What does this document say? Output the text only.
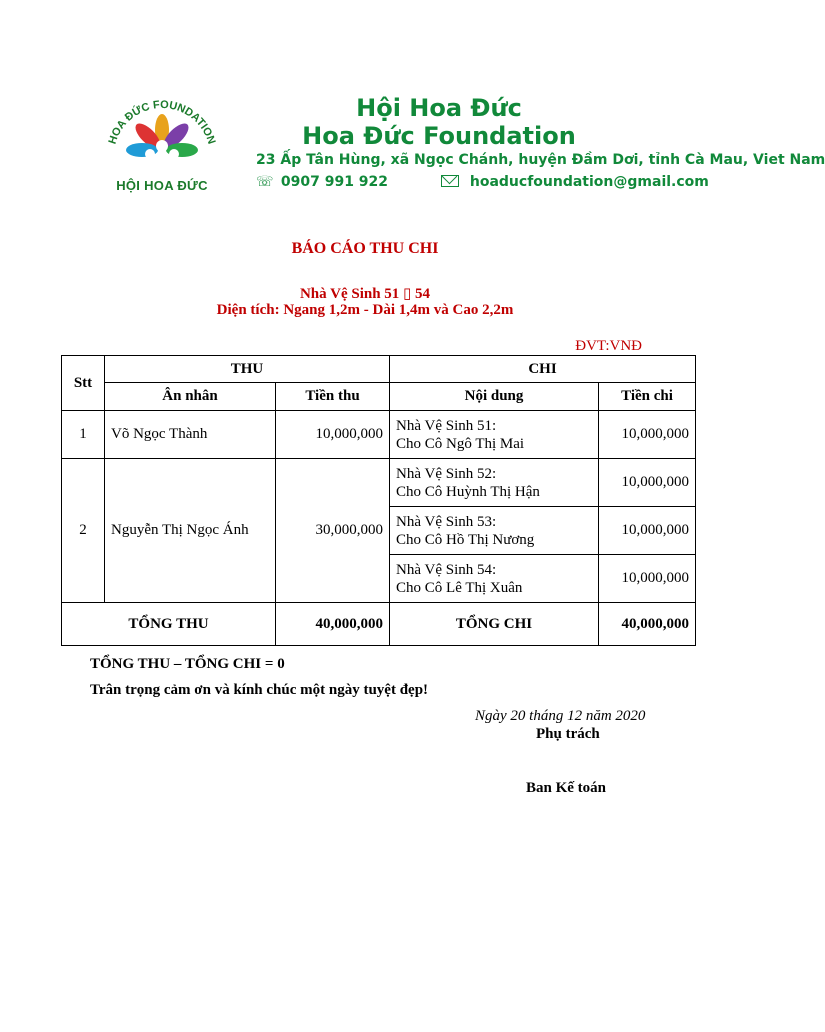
HOA ĐỨC FOUNDATION
HỘI HOA ĐỨC
Hội Hoa Đức
Hoa Đức Foundation
23 Ấp Tân Hùng, xã Ngọc Chánh, huyện Đầm Dơi, tỉnh Cà Mau, Viet Nam
☏ 0907 991 922	hoaducfoundation@gmail.com
BÁO CÁO THU CHI
Nhà Vệ Sinh 51 ▯ 54
Diện tích: Ngang 1,2m - Dài 1,4m và Cao 2,2m
ĐVT:VNĐ
Stt	THU		CHI	
	Ân nhân	Tiền thu	Nội dung	Tiền chi
1	Võ Ngọc Thành	10,000,000	Nhà Vệ Sinh 51:
Cho Cô Ngô Thị Mai	10,000,000
2	Nguyễn Thị Ngọc Ánh	30,000,000	Nhà Vệ Sinh 52:
Cho Cô Huỳnh Thị Hận	10,000,000

			Nhà Vệ Sinh 53:
Cho Cô Hồ Thị Nương	10,000,000

			Nhà Vệ Sinh 54:
Cho Cô Lê Thị Xuân	10,000,000
TỔNG THU		40,000,000	TỔNG CHI	40,000,000
TỔNG THU – TỔNG CHI = 0
Trân trọng cảm ơn và kính chúc một ngày tuyệt đẹp!
Ngày 20 tháng 12 năm 2020
Phụ trách
Ban Kế toán
